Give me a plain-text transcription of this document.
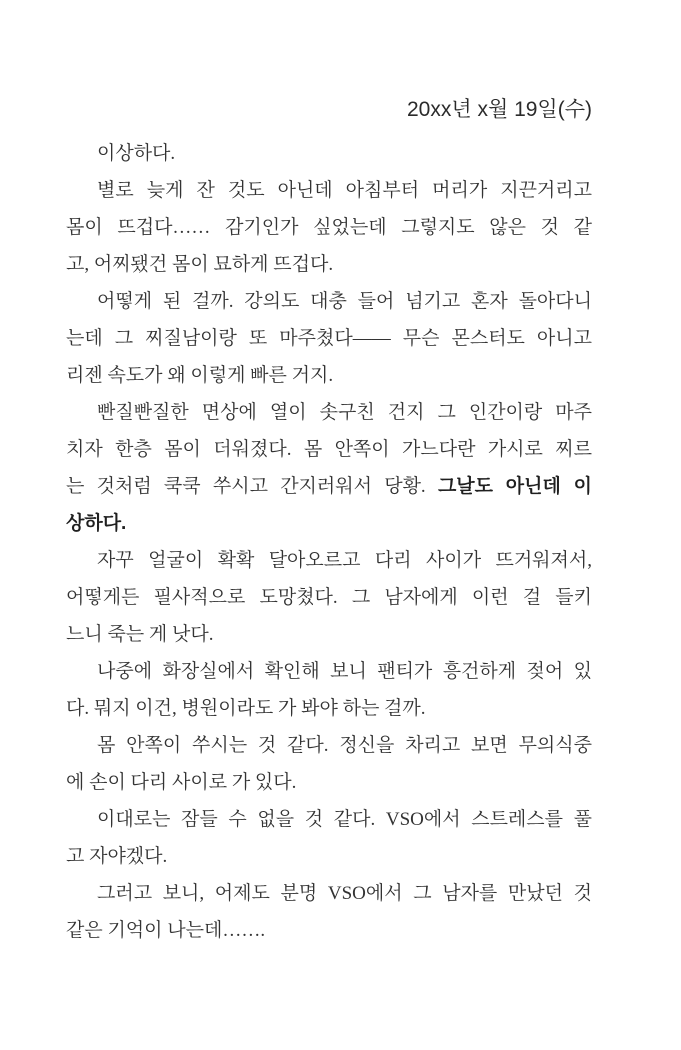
20xx년 x월 19일(수)
이상하다.
별로 늦게 잔 것도 아닌데 아침부터 머리가 지끈거리고
몸이 뜨겁다…… 감기인가 싶었는데 그렇지도 않은 것 같
고, 어찌됐건 몸이 묘하게 뜨겁다.
어떻게 된 걸까. 강의도 대충 들어 넘기고 혼자 돌아다니
는데 그 찌질남이랑 또 마주쳤다—— 무슨 몬스터도 아니고
리젠 속도가 왜 이렇게 빠른 거지.
빤질빤질한 면상에 열이 솟구친 건지 그 인간이랑 마주
치자 한층 몸이 더워졌다. 몸 안쪽이 가느다란 가시로 찌르
는 것처럼 쿡쿡 쑤시고 간지러워서 당황. 그날도 아닌데 이
상하다.
자꾸 얼굴이 확확 달아오르고 다리 사이가 뜨거워져서,
어떻게든 필사적으로 도망쳤다. 그 남자에게 이런 걸 들키
느니 죽는 게 낫다.
나중에 화장실에서 확인해 보니 팬티가 흥건하게 젖어 있
다. 뭐지 이건, 병원이라도 가 봐야 하는 걸까.
몸 안쪽이 쑤시는 것 같다. 정신을 차리고 보면 무의식중
에 손이 다리 사이로 가 있다.
이대로는 잠들 수 없을 것 같다. VSO에서 스트레스를 풀
고 자야겠다.
그러고 보니, 어제도 분명 VSO에서 그 남자를 만났던 것
같은 기억이 나는데…….
